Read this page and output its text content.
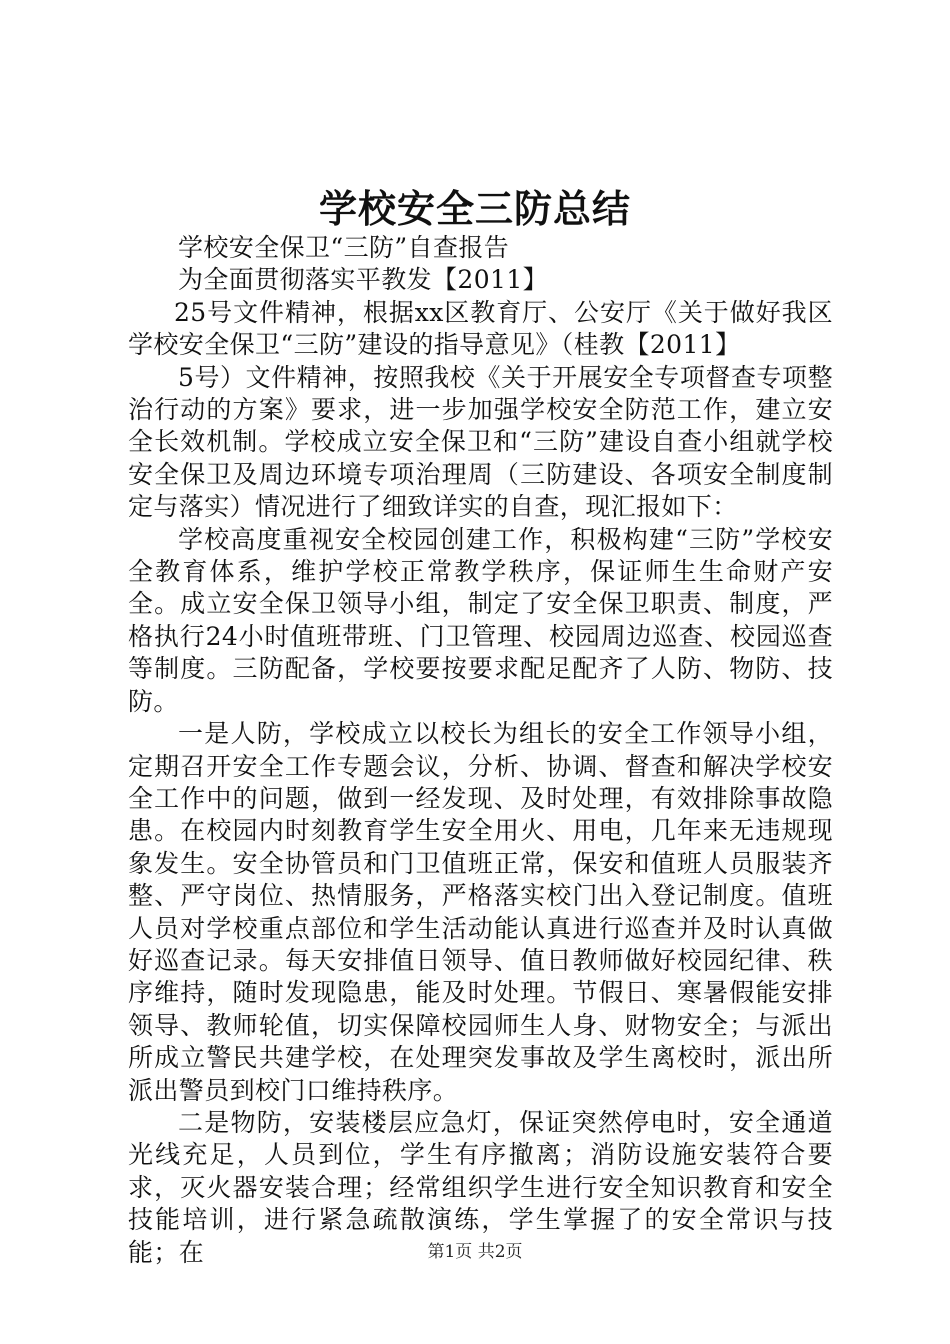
学校安全三防总结

学校安全保卫“三防”自查报告

为全面贯彻落实平教发【2011】

25号文件精神，根据xx区教育厅、公安厅《关于做好我区学校安全保卫“三防”建设的指导意见》（桂教【2011】

5号）文件精神，按照我校《关于开展安全专项督查专项整治行动的方案》要求，进一步加强学校安全防范工作，建立安全长效机制。学校成立安全保卫和“三防”建设自查小组就学校安全保卫及周边环境专项治理周（三防建设、各项安全制度制定与落实）情况进行了细致详实的自查，现汇报如下：

学校高度重视安全校园创建工作，积极构建“三防”学校安全教育体系，维护学校正常教学秩序，保证师生生命财产安全。成立安全保卫领导小组，制定了安全保卫职责、制度，严格执行24小时值班带班、门卫管理、校园周边巡查、校园巡查等制度。三防配备，学校要按要求配足配齐了人防、物防、技防。

一是人防，学校成立以校长为组长的安全工作领导小组，定期召开安全工作专题会议，分析、协调、督查和解决学校安全工作中的问题，做到一经发现、及时处理，有效排除事故隐患。在校园内时刻教育学生安全用火、用电，几年来无违规现象发生。安全协管员和门卫值班正常，保安和值班人员服装齐整、严守岗位、热情服务，严格落实校门出入登记制度。值班人员对学校重点部位和学生活动能认真进行巡查并及时认真做好巡查记录。每天安排值日领导、值日教师做好校园纪律、秩序维持，随时发现隐患，能及时处理。节假日、寒暑假能安排领导、教师轮值，切实保障校园师生人身、财物安全；与派出所成立警民共建学校，在处理突发事故及学生离校时，派出所派出警员到校门口维持秩序。

二是物防，安装楼层应急灯，保证突然停电时，安全通道光线充足，人员到位，学生有序撤离；消防设施安装符合要求，灭火器安装合理；经常组织学生进行安全知识教育和安全技能培训，进行紧急疏散演练，学生掌握了的安全常识与技能；在	第1页 共2页
